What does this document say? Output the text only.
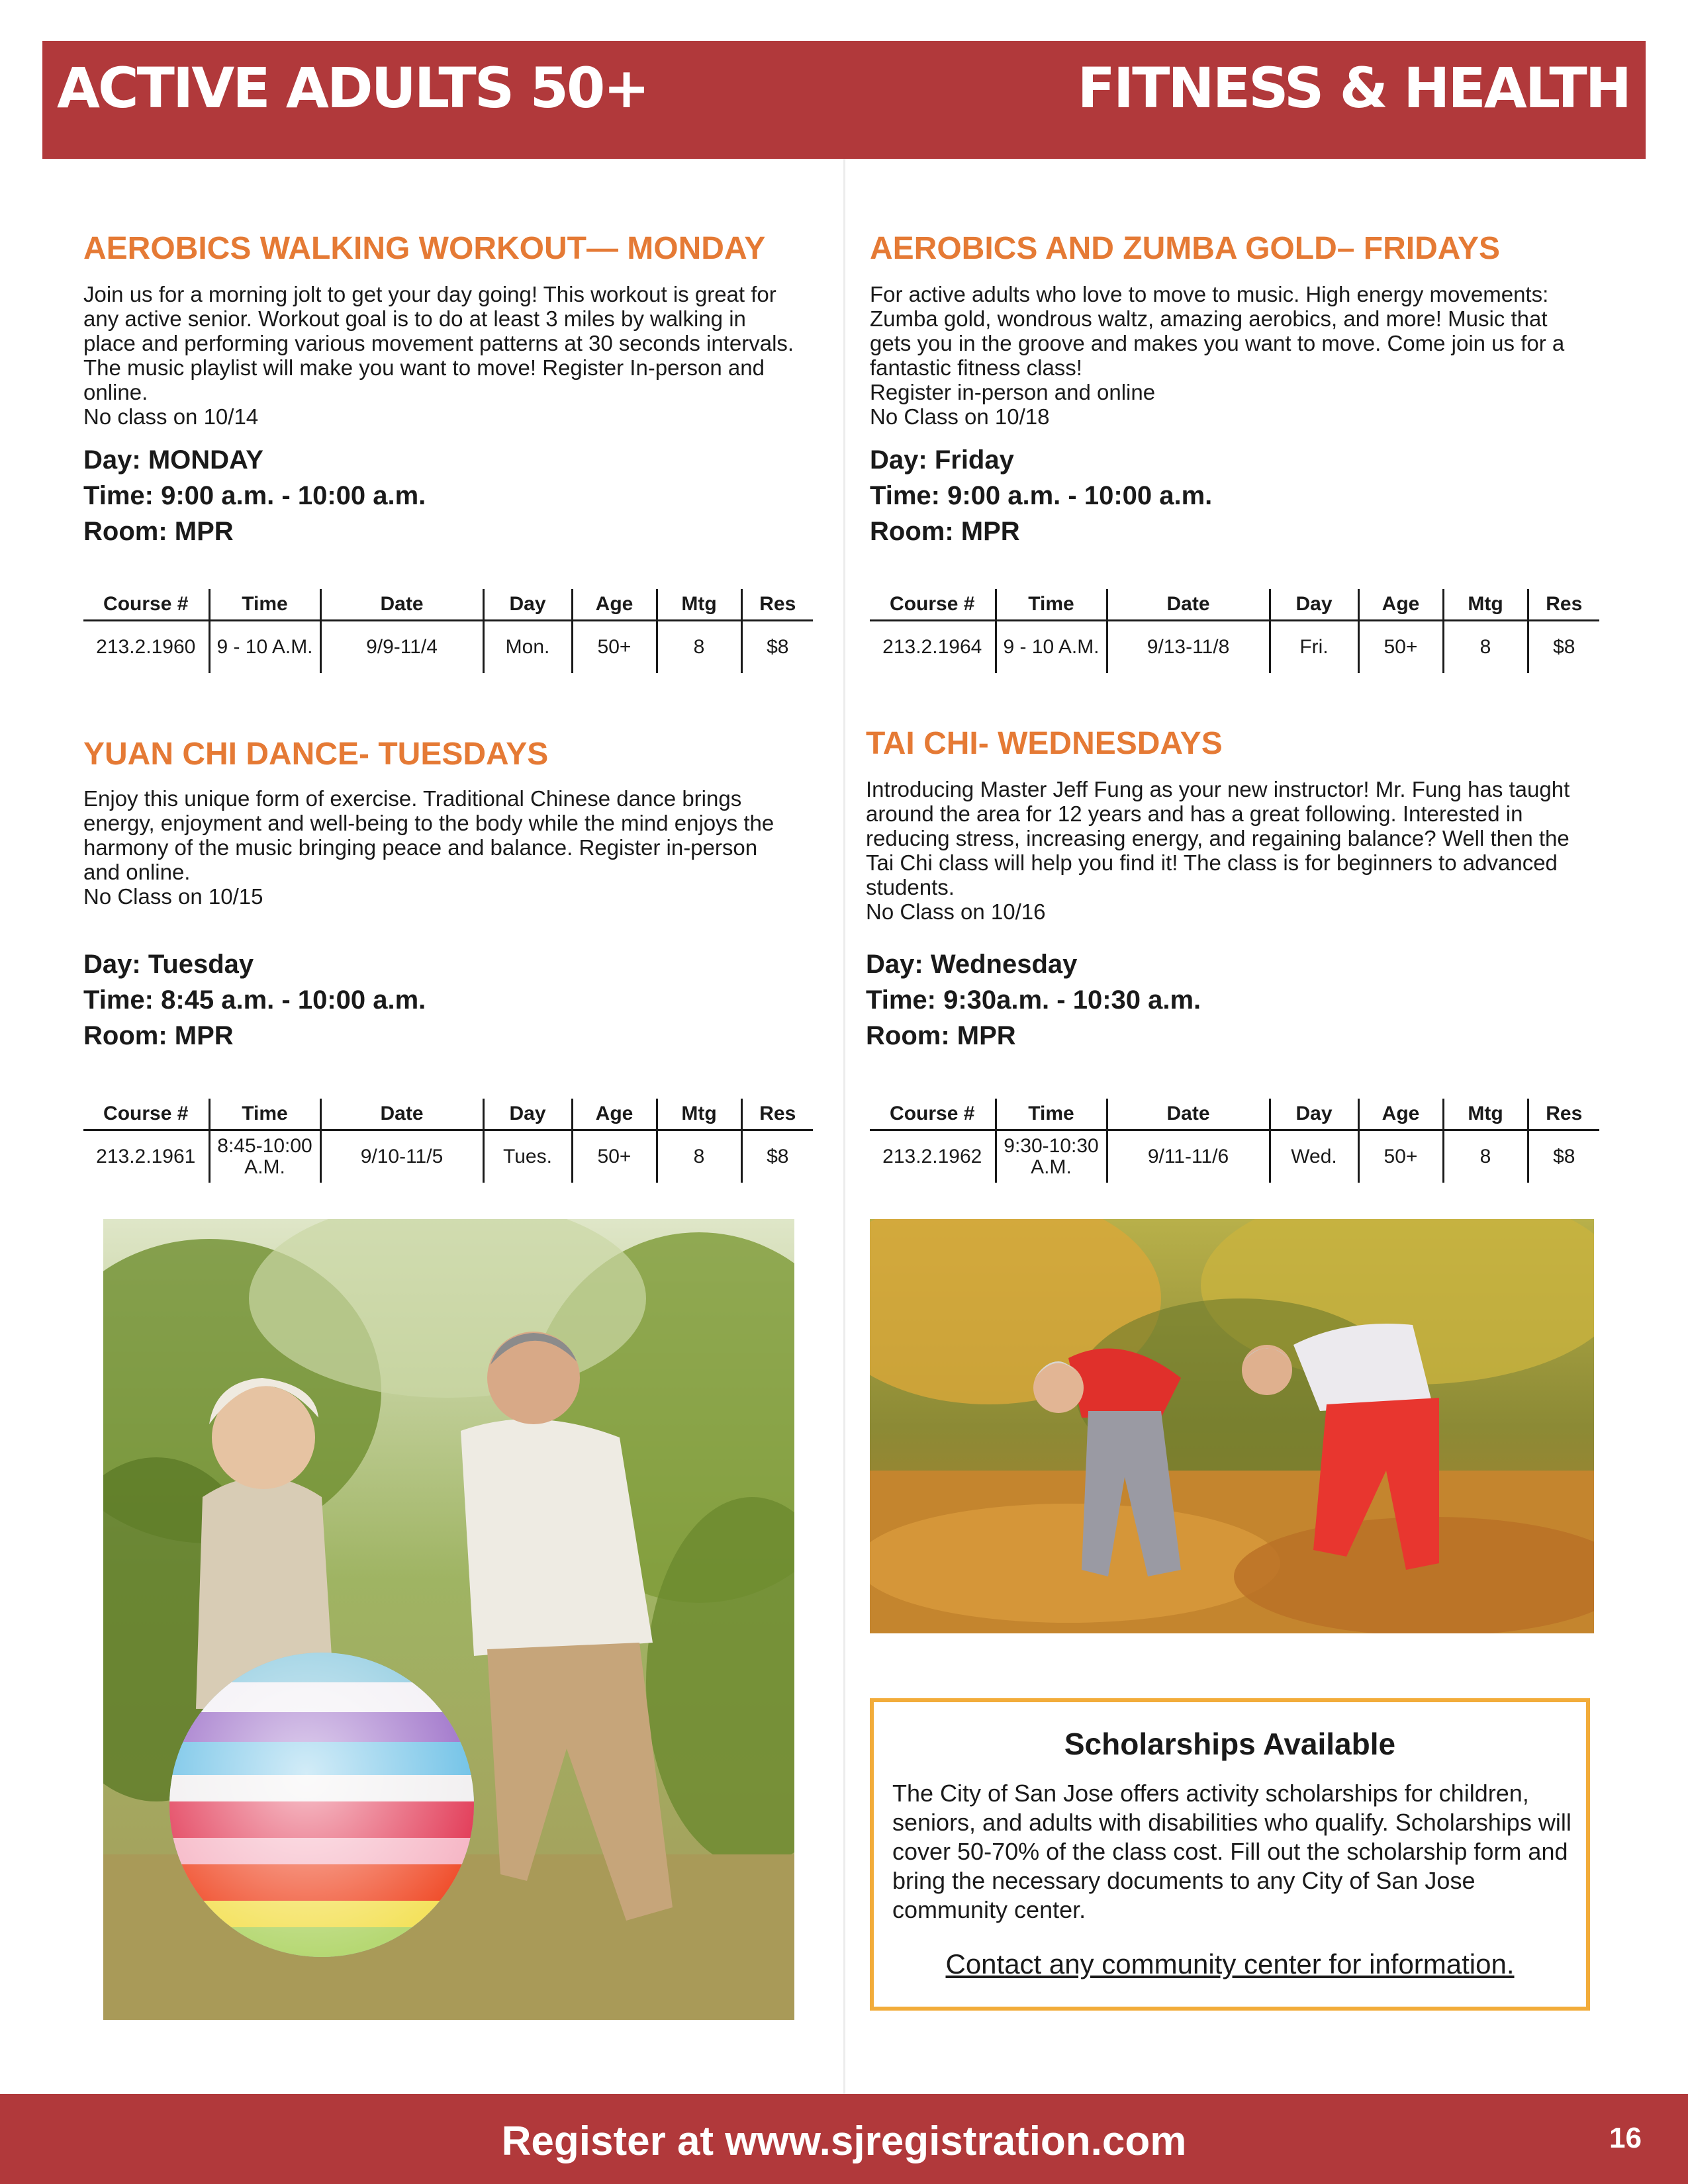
ACTIVE ADULTS 50+	FITNESS & HEALTH
AEROBICS WALKING WORKOUT— MONDAY

Join us for a morning jolt to get your day going! This workout is great for any active senior. Workout goal is to do at least 3 miles by walking in place and performing various movement patterns at 30 seconds intervals. The music playlist will make you want to move! Register In-person and online.

No class on 10/14

Day: MONDAY
Time: 9:00 a.m. - 10:00 a.m.
Room: MPR
Course #	Time	Date	Day	Age	Mtg	Res
213.2.1960	9 - 10 A.M.	9/9-11/4	Mon.	50+	8	$8
AEROBICS AND ZUMBA GOLD– FRIDAYS

For active adults who love to move to music. High energy movements: Zumba gold, wondrous waltz, amazing aerobics, and more! Music that gets you in the groove and makes you want to move. Come join us for a fantastic fitness class!

Register in-person and online

No Class on 10/18

Day: Friday
Time: 9:00 a.m. - 10:00 a.m.
Room: MPR
Course #	Time	Date	Day	Age	Mtg	Res
213.2.1964	9 - 10 A.M.	9/13-11/8	Fri.	50+	8	$8
YUAN CHI DANCE- TUESDAYS

Enjoy this unique form of exercise. Traditional Chinese dance brings energy, enjoyment and well-being to the body while the mind enjoys the harmony of the music bringing peace and balance. Register in-person and online.

No Class on 10/15

Day: Tuesday
Time: 8:45 a.m. - 10:00 a.m.
Room: MPR
Course #	Time	Date	Day	Age	Mtg	Res
213.2.1961	8:45-10:00 A.M.	9/10-11/5	Tues.	50+	8	$8
TAI CHI- WEDNESDAYS

Introducing Master Jeff Fung as your new instructor! Mr. Fung has taught around the area for 12 years and has a great following. Interested in reducing stress, increasing energy, and regaining balance? Well then the Tai Chi class will help you find it! The class is for beginners to advanced students.

No Class on 10/16

Day: Wednesday
Time: 9:30a.m. - 10:30 a.m.
Room: MPR
Course #	Time	Date	Day	Age	Mtg	Res
213.2.1962	9:30-10:30 A.M.	9/11-11/6	Wed.	50+	8	$8
Scholarships Available

The City of San Jose offers activity scholarships for children, seniors, and adults with disabilities who qualify. Scholarships will cover 50-70% of the class cost. Fill out the scholarship form and bring the necessary documents to any City of San Jose community center.

Contact any community center for information.
Register at www.sjregistration.com	16
